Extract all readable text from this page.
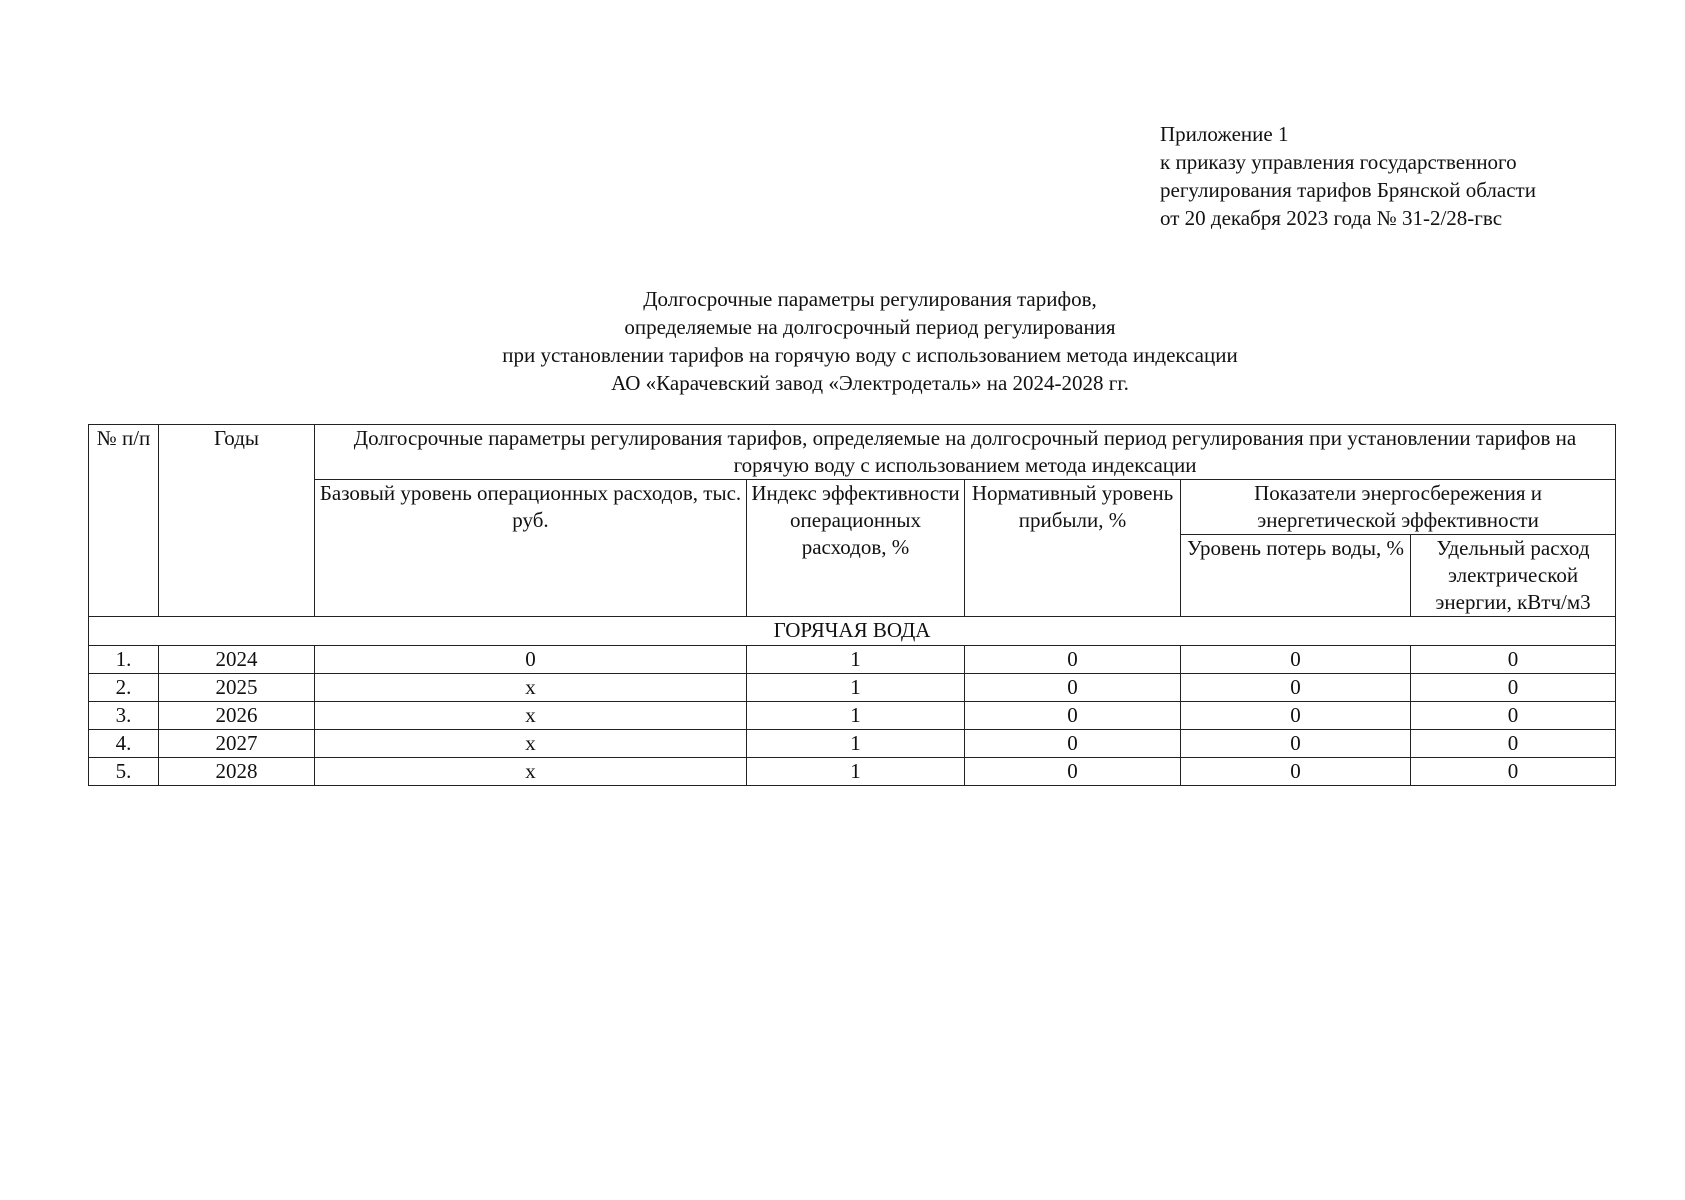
Приложение 1
к приказу управления государственного
регулирования тарифов Брянской области
от 20 декабря 2023 года № 31-2/28-гвс
Долгосрочные параметры регулирования тарифов,
определяемые на долгосрочный период регулирования
при установлении тарифов на горячую воду с использованием метода индексации
АО «Карачевский завод «Электродеталь» на 2024-2028 гг.
№ п/п	Годы	Долгосрочные параметры регулирования тарифов, определяемые на долгосрочный период регулирования при установлении тарифов на горячую воду с использованием метода индексации				
		Базовый уровень операционных расходов, тыс. руб.	Индекс эффективности операционных расходов, %	Нормативный уровень прибыли, %	Показатели энергосбережения и энергетической эффективности	
					Уровень потерь воды, %	Удельный расход электрической энергии, кВтч/м3
ГОРЯЧАЯ ВОДА						
1.	2024	0	1	0	0	0
2.	2025	х	1	0	0	0
3.	2026	х	1	0	0	0
4.	2027	х	1	0	0	0
5.	2028	х	1	0	0	0
